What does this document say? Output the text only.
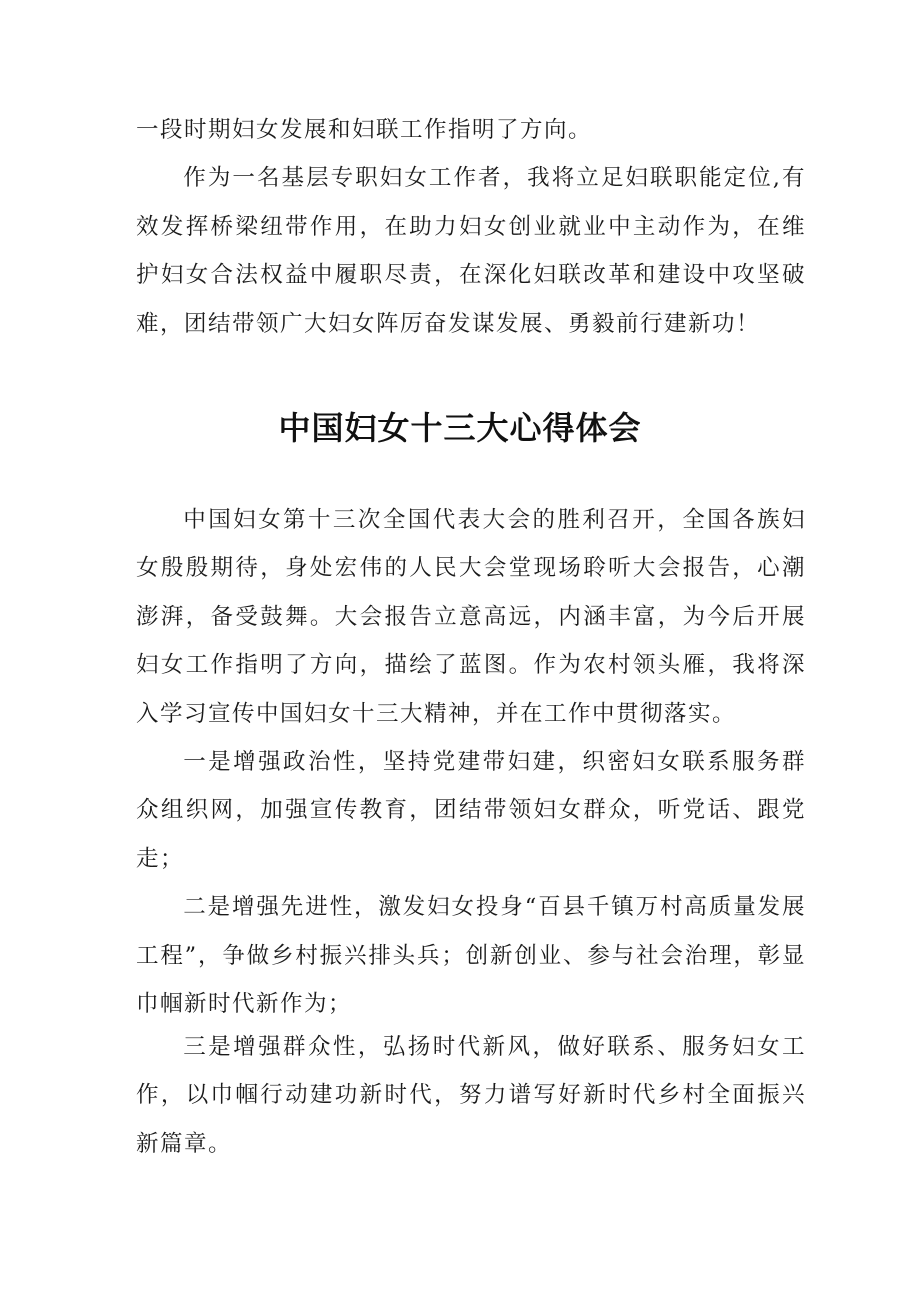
一段时期妇女发展和妇联工作指明了方向。

作为一名基层专职妇女工作者，我将立足妇联职能定位,有效发挥桥梁纽带作用，在助力妇女创业就业中主动作为，在维护妇女合法权益中履职尽责，在深化妇联改革和建设中攻坚破难，团结带领广大妇女阵厉奋发谋发展、勇毅前行建新功！

中国妇女十三大心得体会

中国妇女第十三次全国代表大会的胜利召开，全国各族妇女殷殷期待，身处宏伟的人民大会堂现场聆听大会报告，心潮澎湃，备受鼓舞。大会报告立意高远，内涵丰富，为今后开展妇女工作指明了方向，描绘了蓝图。作为农村领头雁，我将深入学习宣传中国妇女十三大精神，并在工作中贯彻落实。

一是增强政治性，坚持党建带妇建，织密妇女联系服务群众组织网，加强宣传教育，团结带领妇女群众，听党话、跟党走；

二是增强先进性，激发妇女投身“百县千镇万村高质量发展工程”，争做乡村振兴排头兵；创新创业、参与社会治理，彰显巾帼新时代新作为；

三是增强群众性，弘扬时代新风，做好联系、服务妇女工作，以巾帼行动建功新时代，努力谱写好新时代乡村全面振兴新篇章。
